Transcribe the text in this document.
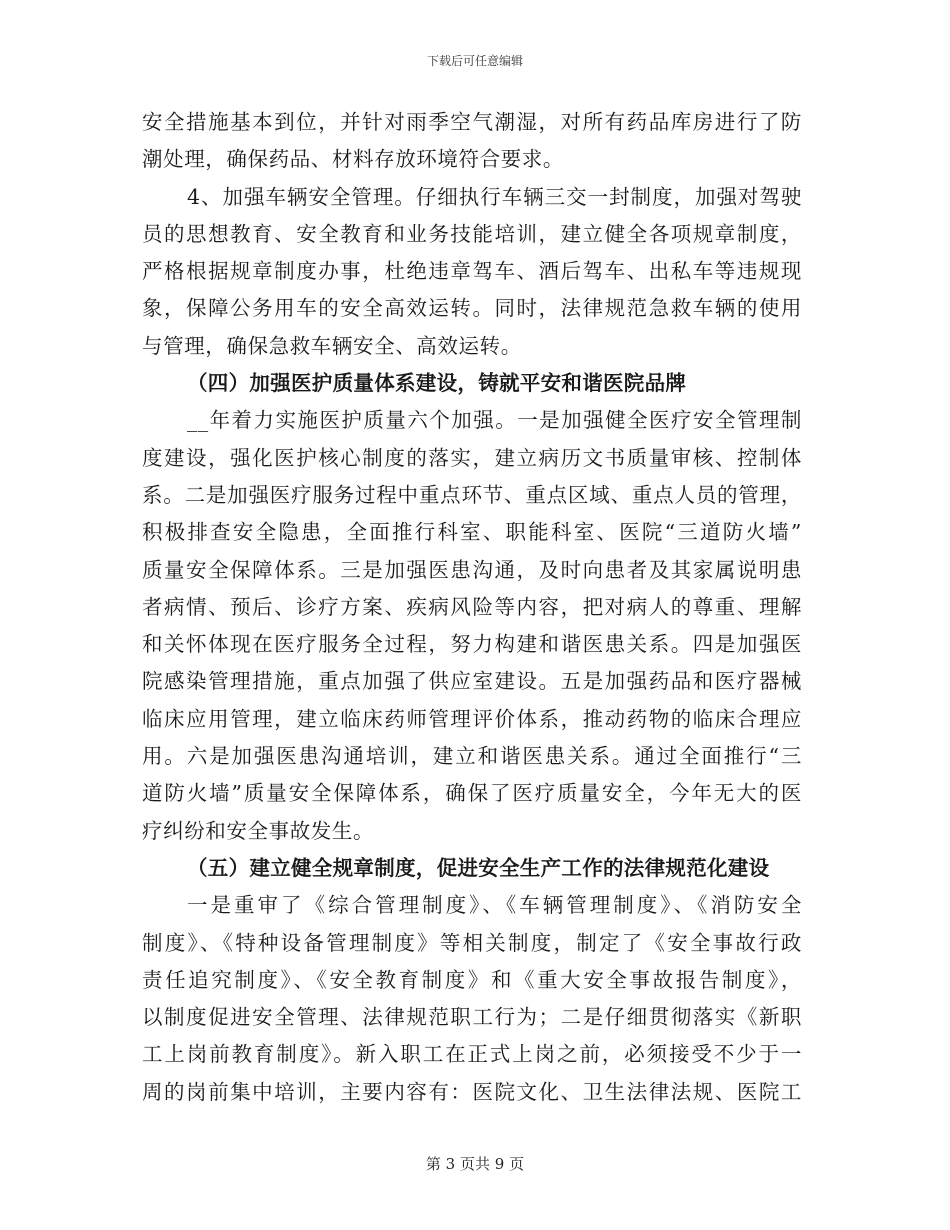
下载后可任意编辑
安全措施基本到位，并针对雨季空气潮湿，对所有药品库房进行了防
潮处理，确保药品、材料存放环境符合要求。
4、加强车辆安全管理。仔细执行车辆三交一封制度，加强对驾驶
员的思想教育、安全教育和业务技能培训，建立健全各项规章制度，
严格根据规章制度办事，杜绝违章驾车、酒后驾车、出私车等违规现
象，保障公务用车的安全高效运转。同时，法律规范急救车辆的使用
与管理，确保急救车辆安全、高效运转。
（四）加强医护质量体系建设，铸就平安和谐医院品牌
__年着力实施医护质量六个加强。一是加强健全医疗安全管理制
度建设，强化医护核心制度的落实，建立病历文书质量审核、控制体
系。二是加强医疗服务过程中重点环节、重点区域、重点人员的管理，
积极排查安全隐患，全面推行科室、职能科室、医院“三道防火墙”
质量安全保障体系。三是加强医患沟通，及时向患者及其家属说明患
者病情、预后、诊疗方案、疾病风险等内容，把对病人的尊重、理解
和关怀体现在医疗服务全过程，努力构建和谐医患关系。四是加强医
院感染管理措施，重点加强了供应室建设。五是加强药品和医疗器械
临床应用管理，建立临床药师管理评价体系，推动药物的临床合理应
用。六是加强医患沟通培训，建立和谐医患关系。通过全面推行“三
道防火墙”质量安全保障体系，确保了医疗质量安全，今年无大的医
疗纠纷和安全事故发生。
（五）建立健全规章制度，促进安全生产工作的法律规范化建设
一是重审了《综合管理制度》、《车辆管理制度》、《消防安全
制度》、《特种设备管理制度》等相关制度，制定了《安全事故行政
责任追究制度》、《安全教育制度》和《重大安全事故报告制度》，
以制度促进安全管理、法律规范职工行为；二是仔细贯彻落实《新职
工上岗前教育制度》。新入职工在正式上岗之前，必须接受不少于一
周的岗前集中培训，主要内容有：医院文化、卫生法律法规、医院工
第 3 页共 9 页
